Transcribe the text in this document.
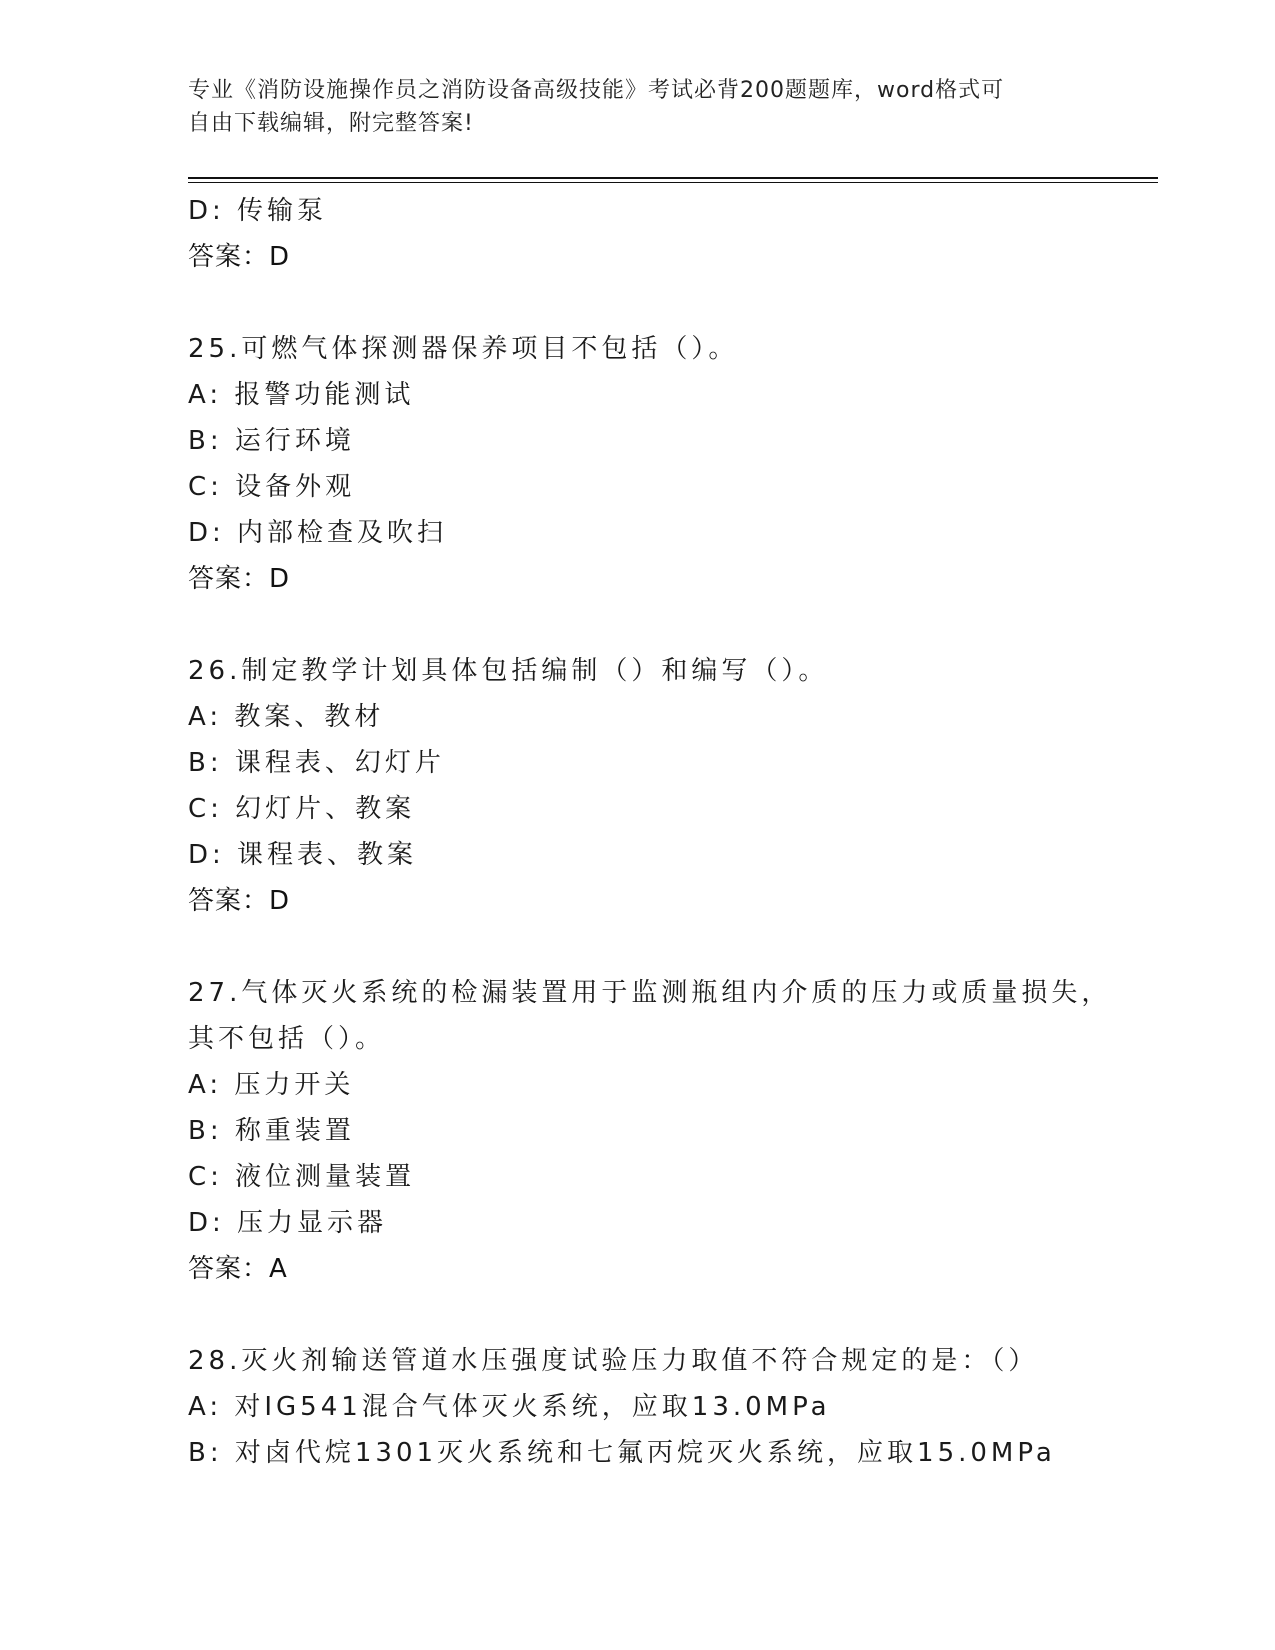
专业《消防设施操作员之消防设备高级技能》考试必背200题题库，word格式可
自由下载编辑，附完整答案!
D: 传输泵
答案：D
25.可燃气体探测器保养项目不包括（）。
A: 报警功能测试
B: 运行环境
C: 设备外观
D: 内部检查及吹扫
答案：D
26.制定教学计划具体包括编制（）和编写（）。
A: 教案、教材
B: 课程表、幻灯片
C: 幻灯片、教案
D: 课程表、教案
答案：D
27.气体灭火系统的检漏装置用于监测瓶组内介质的压力或质量损失，
其不包括（）。
A: 压力开关
B: 称重装置
C: 液位测量装置
D: 压力显示器
答案：A
28.灭火剂输送管道水压强度试验压力取值不符合规定的是：（）
A: 对IG541混合气体灭火系统，应取13.0MPa
B: 对卤代烷1301灭火系统和七氟丙烷灭火系统，应取15.0MPa
